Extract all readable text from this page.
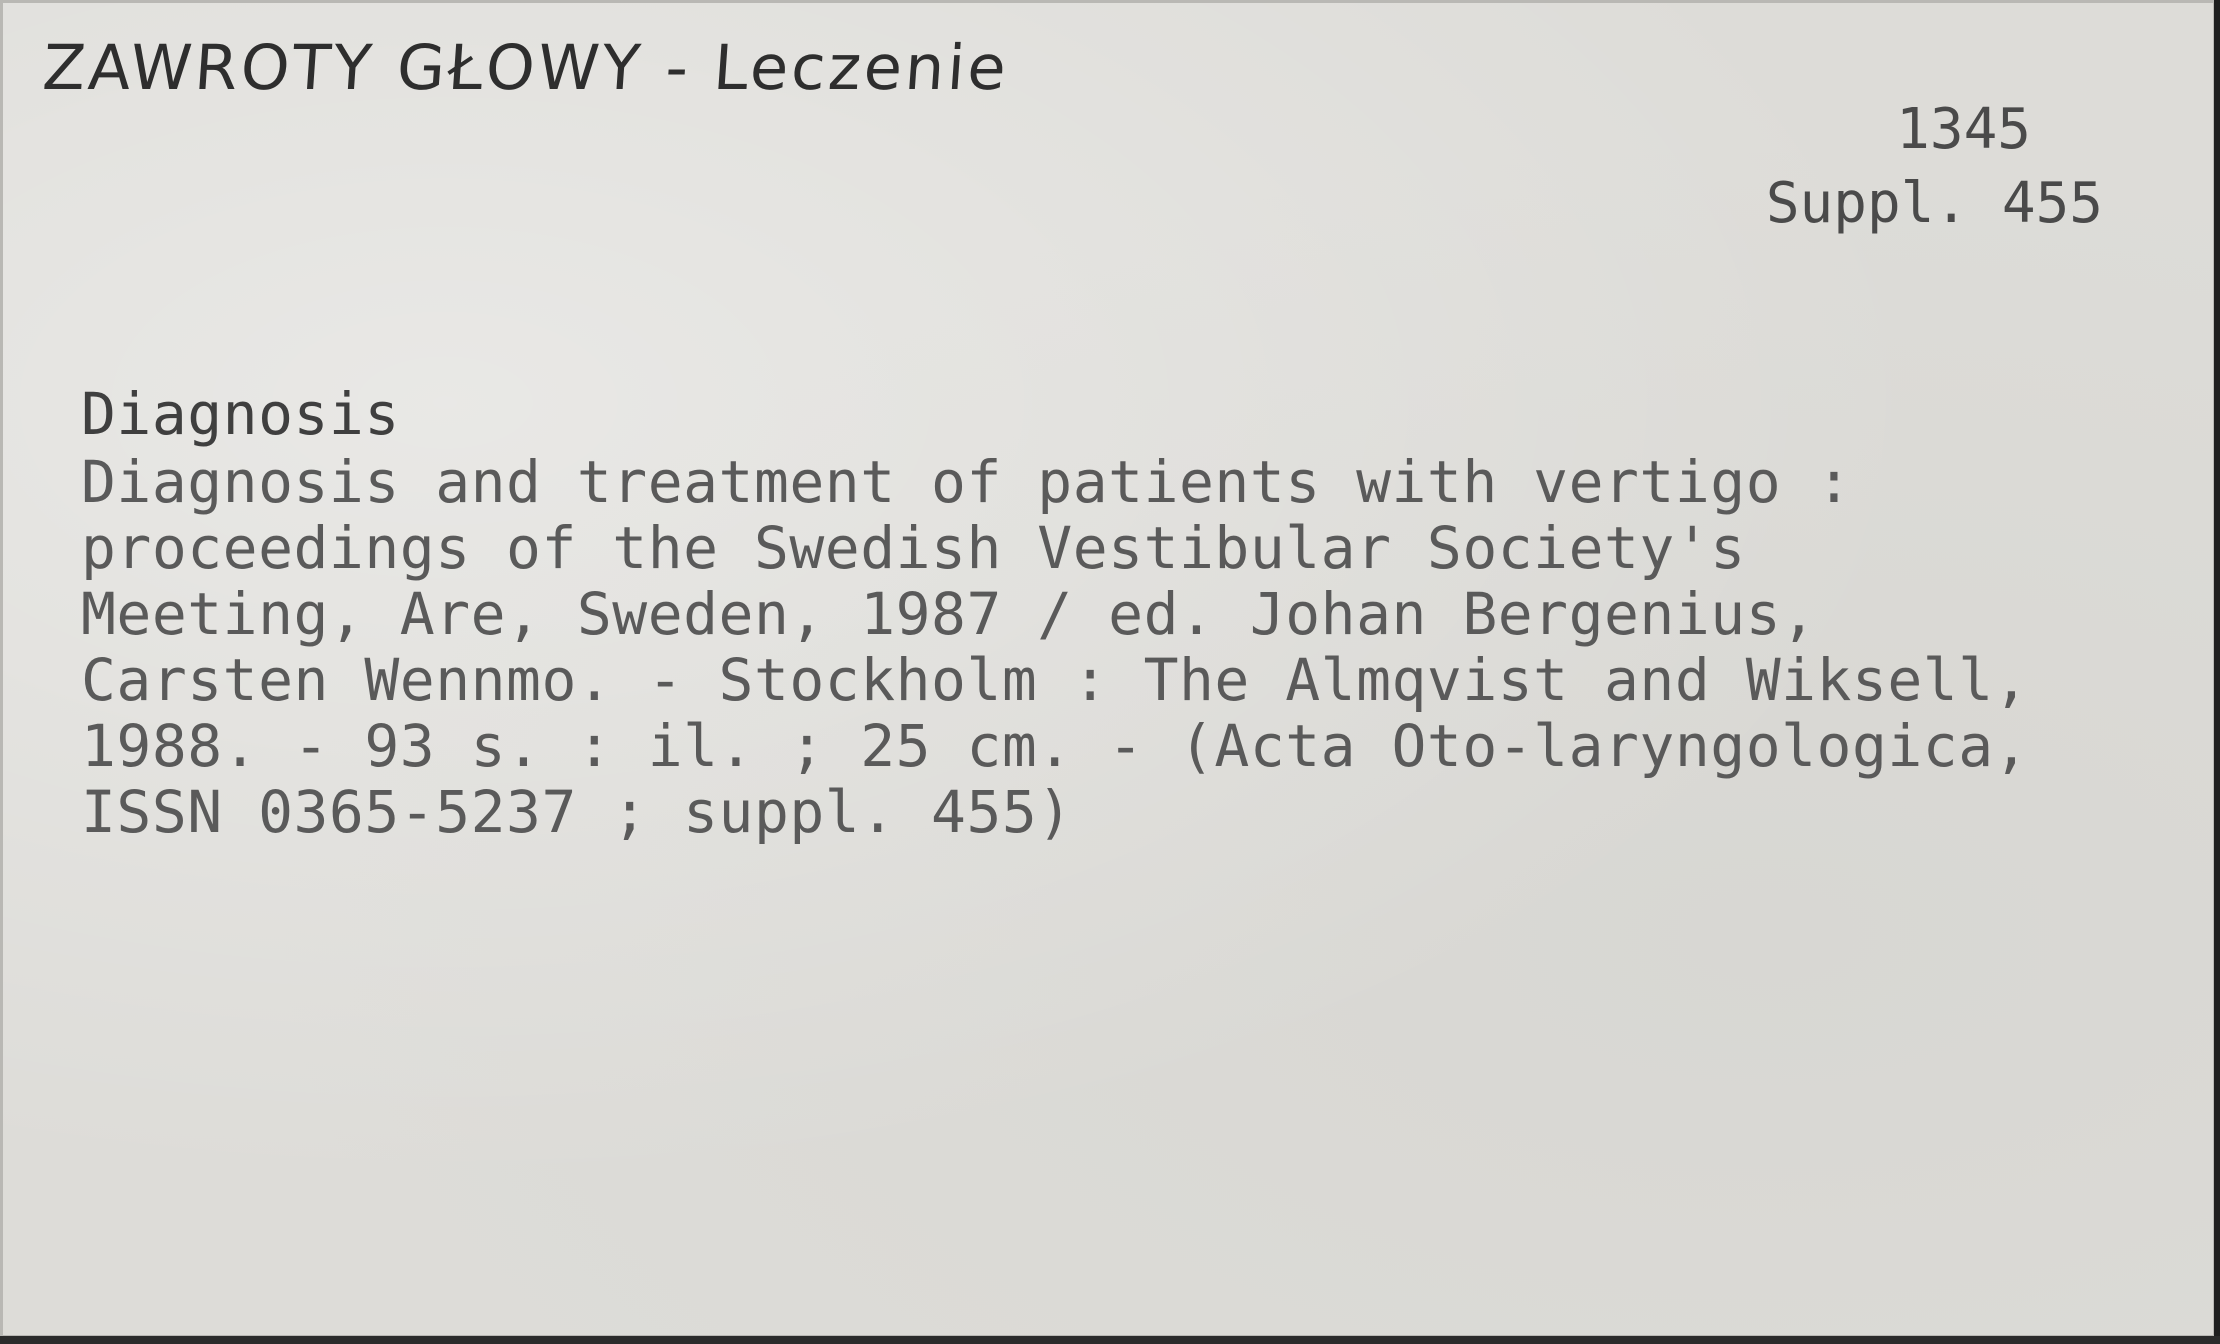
ZAWROTY GŁOWY - Leczenie
1345
Suppl. 455
Diagnosis
Diagnosis and treatment of patients with vertigo :
proceedings of the Swedish Vestibular Society's
Meeting, Are, Sweden, 1987 / ed. Johan Bergenius,
Carsten Wennmo. - Stockholm : The Almqvist and Wiksell,
1988. - 93 s. : il. ; 25 cm. - (Acta Oto-laryngologica,
ISSN 0365-5237 ; suppl. 455)
